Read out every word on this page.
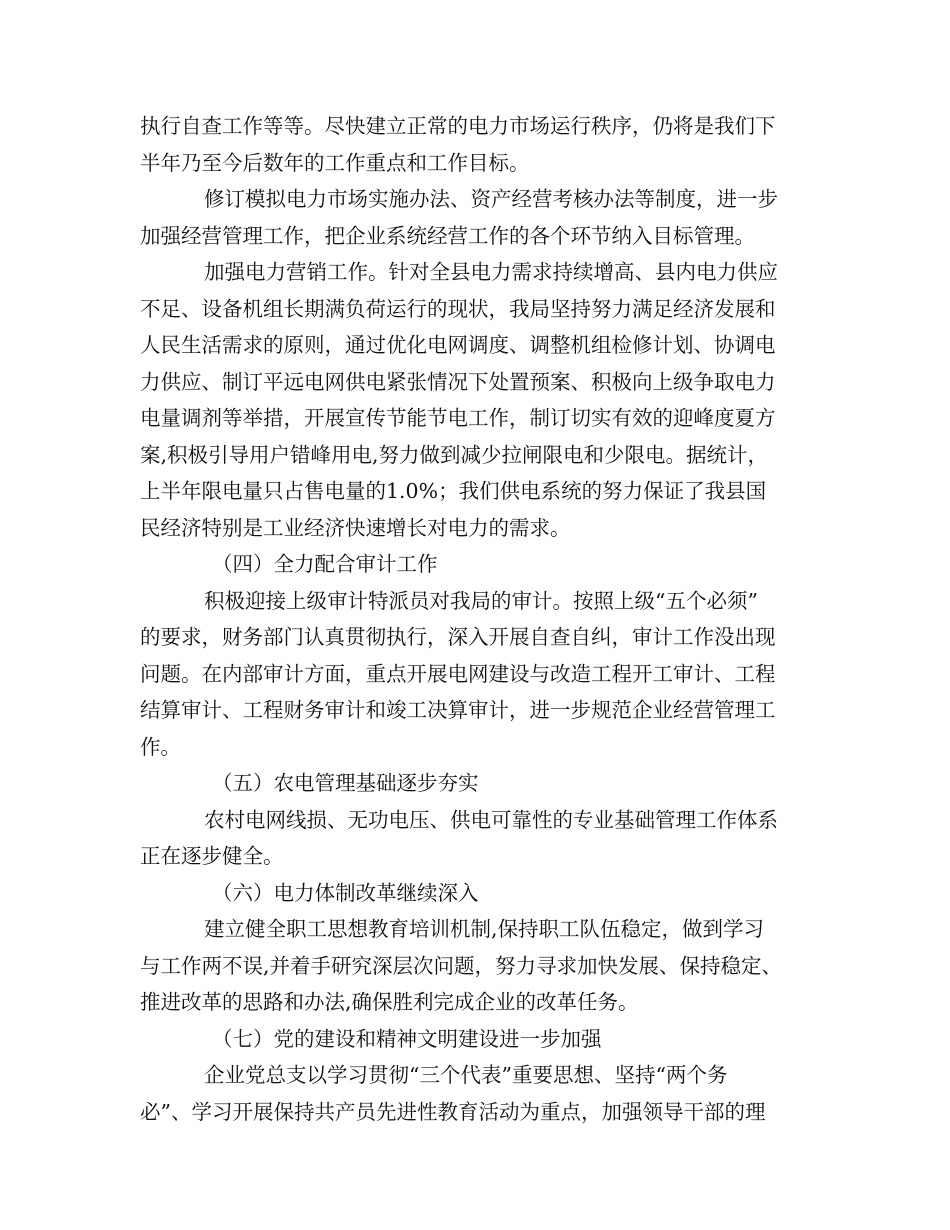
执行自查工作等等。尽快建立正常的电力市场运行秩序，仍将是我们下
半年乃至今后数年的工作重点和工作目标。
修订模拟电力市场实施办法、资产经营考核办法等制度，进一步
加强经营管理工作，把企业系统经营工作的各个环节纳入目标管理。
加强电力营销工作。针对全县电力需求持续增高、县内电力供应
不足、设备机组长期满负荷运行的现状，我局坚持努力满足经济发展和
人民生活需求的原则，通过优化电网调度、调整机组检修计划、协调电
力供应、制订平远电网供电紧张情况下处置预案、积极向上级争取电力
电量调剂等举措，开展宣传节能节电工作，制订切实有效的迎峰度夏方
案,积极引导用户错峰用电,努力做到减少拉闸限电和少限电。据统计，
上半年限电量只占售电量的1.0%；我们供电系统的努力保证了我县国
民经济特别是工业经济快速增长对电力的需求。
（四）全力配合审计工作
积极迎接上级审计特派员对我局的审计。按照上级“五个必须”
的要求，财务部门认真贯彻执行，深入开展自查自纠，审计工作没出现
问题。在内部审计方面，重点开展电网建设与改造工程开工审计、工程
结算审计、工程财务审计和竣工决算审计，进一步规范企业经营管理工
作。
（五）农电管理基础逐步夯实
农村电网线损、无功电压、供电可靠性的专业基础管理工作体系
正在逐步健全。
（六）电力体制改革继续深入
建立健全职工思想教育培训机制,保持职工队伍稳定，做到学习
与工作两不误,并着手研究深层次问题，努力寻求加快发展、保持稳定、
推进改革的思路和办法,确保胜利完成企业的改革任务。
（七）党的建设和精神文明建设进一步加强
企业党总支以学习贯彻“三个代表”重要思想、坚持“两个务
必”、学习开展保持共产员先进性教育活动为重点，加强领导干部的理
